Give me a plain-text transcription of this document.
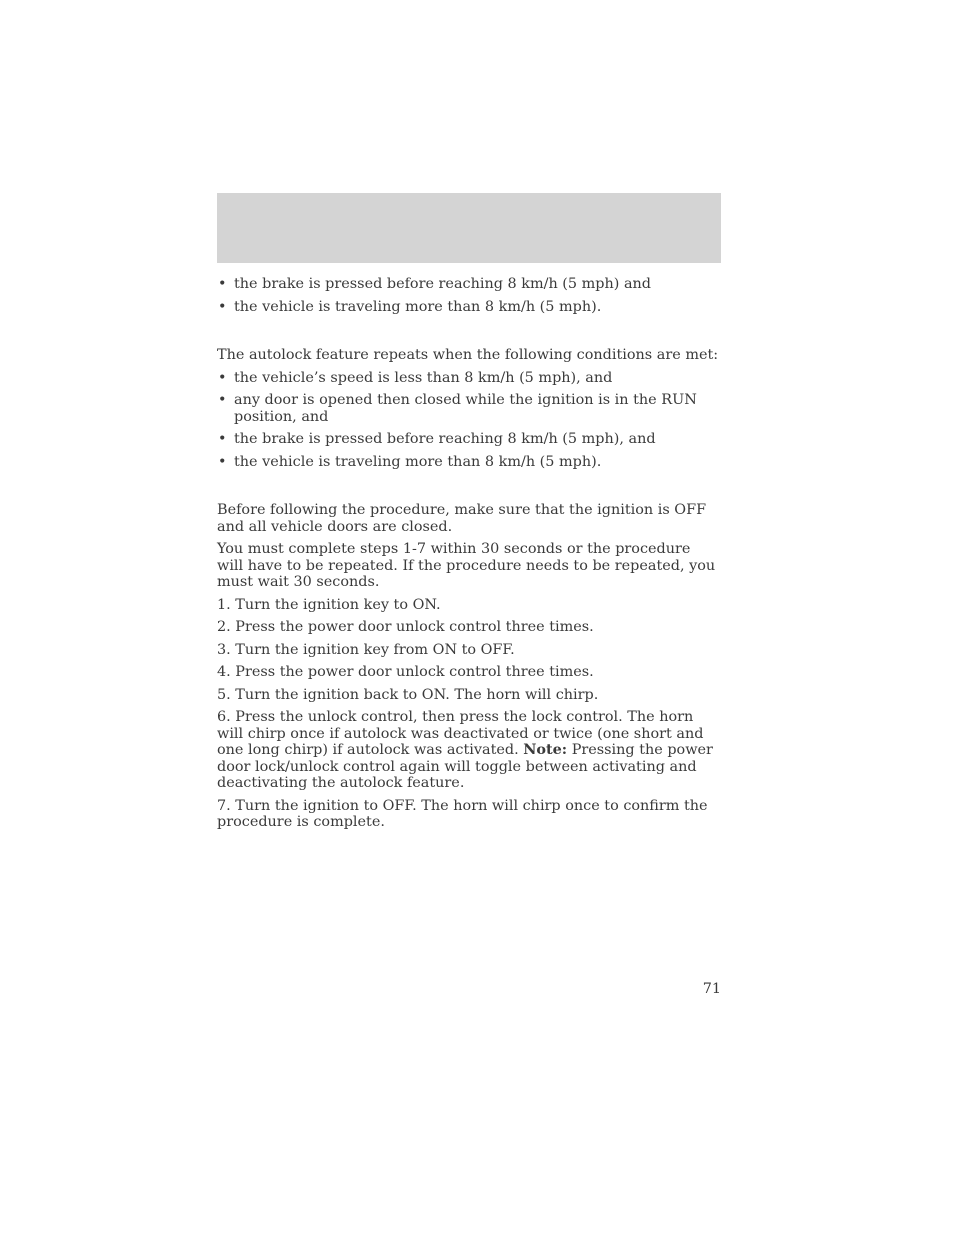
• the brake is pressed before reaching 8 km/h (5 mph) and
• the vehicle is traveling more than 8 km/h (5 mph).

The autolock feature repeats when the following conditions are met:

• the vehicle’s speed is less than 8 km/h (5 mph), and
• any door is opened then closed while the ignition is in the RUN position, and
• the brake is pressed before reaching 8 km/h (5 mph), and
• the vehicle is traveling more than 8 km/h (5 mph).

Before following the procedure, make sure that the ignition is OFF and all vehicle doors are closed.

You must complete steps 1-7 within 30 seconds or the procedure will have to be repeated. If the procedure needs to be repeated, you must wait 30 seconds.

1. Turn the ignition key to ON.

2. Press the power door unlock control three times.

3. Turn the ignition key from ON to OFF.

4. Press the power door unlock control three times.

5. Turn the ignition back to ON. The horn will chirp.

6. Press the unlock control, then press the lock control. The horn will chirp once if autolock was deactivated or twice (one short and one long chirp) if autolock was activated. Note: Pressing the power door lock/unlock control again will toggle between activating and deactivating the autolock feature.

7. Turn the ignition to OFF. The horn will chirp once to confirm the procedure is complete.

71
